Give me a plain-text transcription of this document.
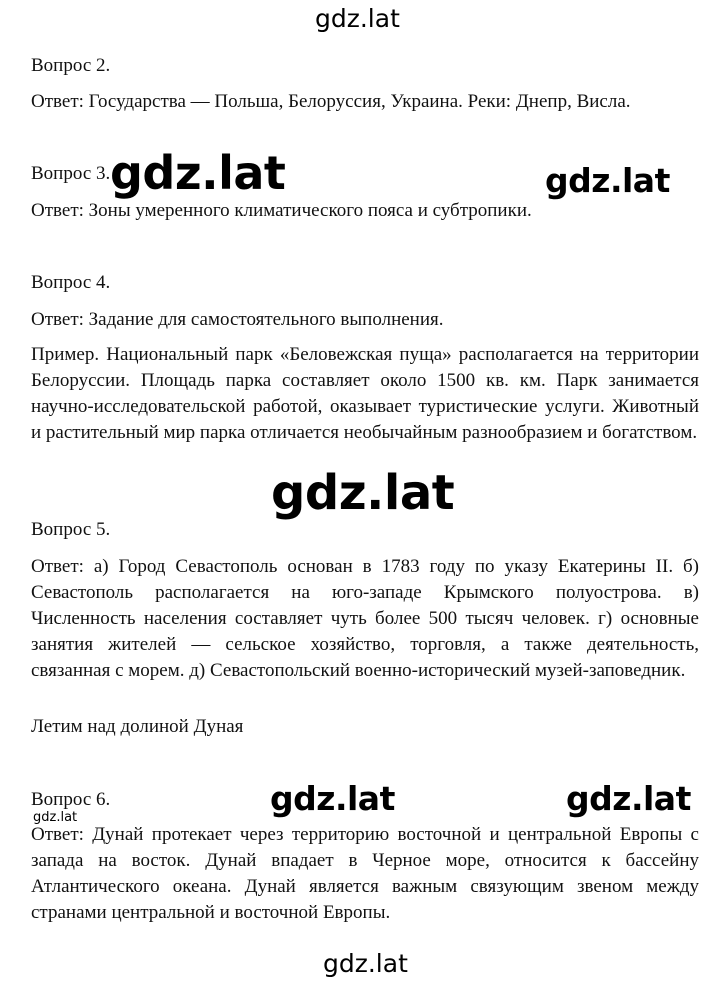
gdz.lat
Вопрос 2.
Ответ: Государства — Польша, Белоруссия, Украина. Реки: Днепр, Висла.
Вопрос 3. gdz.lat	gdz.lat
Ответ: Зоны умеренного климатического пояса и субтропики.
Вопрос 4.
Ответ: Задание для самостоятельного выполнения.

Пример. Национальный парк «Беловежская пуща» располагается на территории Белоруссии. Площадь парка составляет около 1500 кв. км. Парк занимается научно-исследовательской работой, оказывает туристические услуги. Животный и растительный мир парка отличается необычайным разнообразием и богатством.

gdz.lat
Вопрос 5.

Ответ: а) Город Севастополь основан в 1783 году по указу Екатерины II. б) Севастополь располагается на юго-западе Крымского полуострова. в) Численность населения составляет чуть более 500 тысяч человек. г) основные занятия жителей — сельское хозяйство, торговля, а также деятельность, связанная с морем. д) Севастопольский военно-исторический музей-заповедник.

Летим над долиной Дуная
Вопрос 6.	gdz.lat	gdz.lat
gdz.lat

Ответ: Дунай протекает через территорию восточной и центральной Европы с запада на восток. Дунай впадает в Черное море, относится к бассейну Атлантического океана. Дунай является важным связующим звеном между странами центральной и восточной Европы.

gdz.lat
